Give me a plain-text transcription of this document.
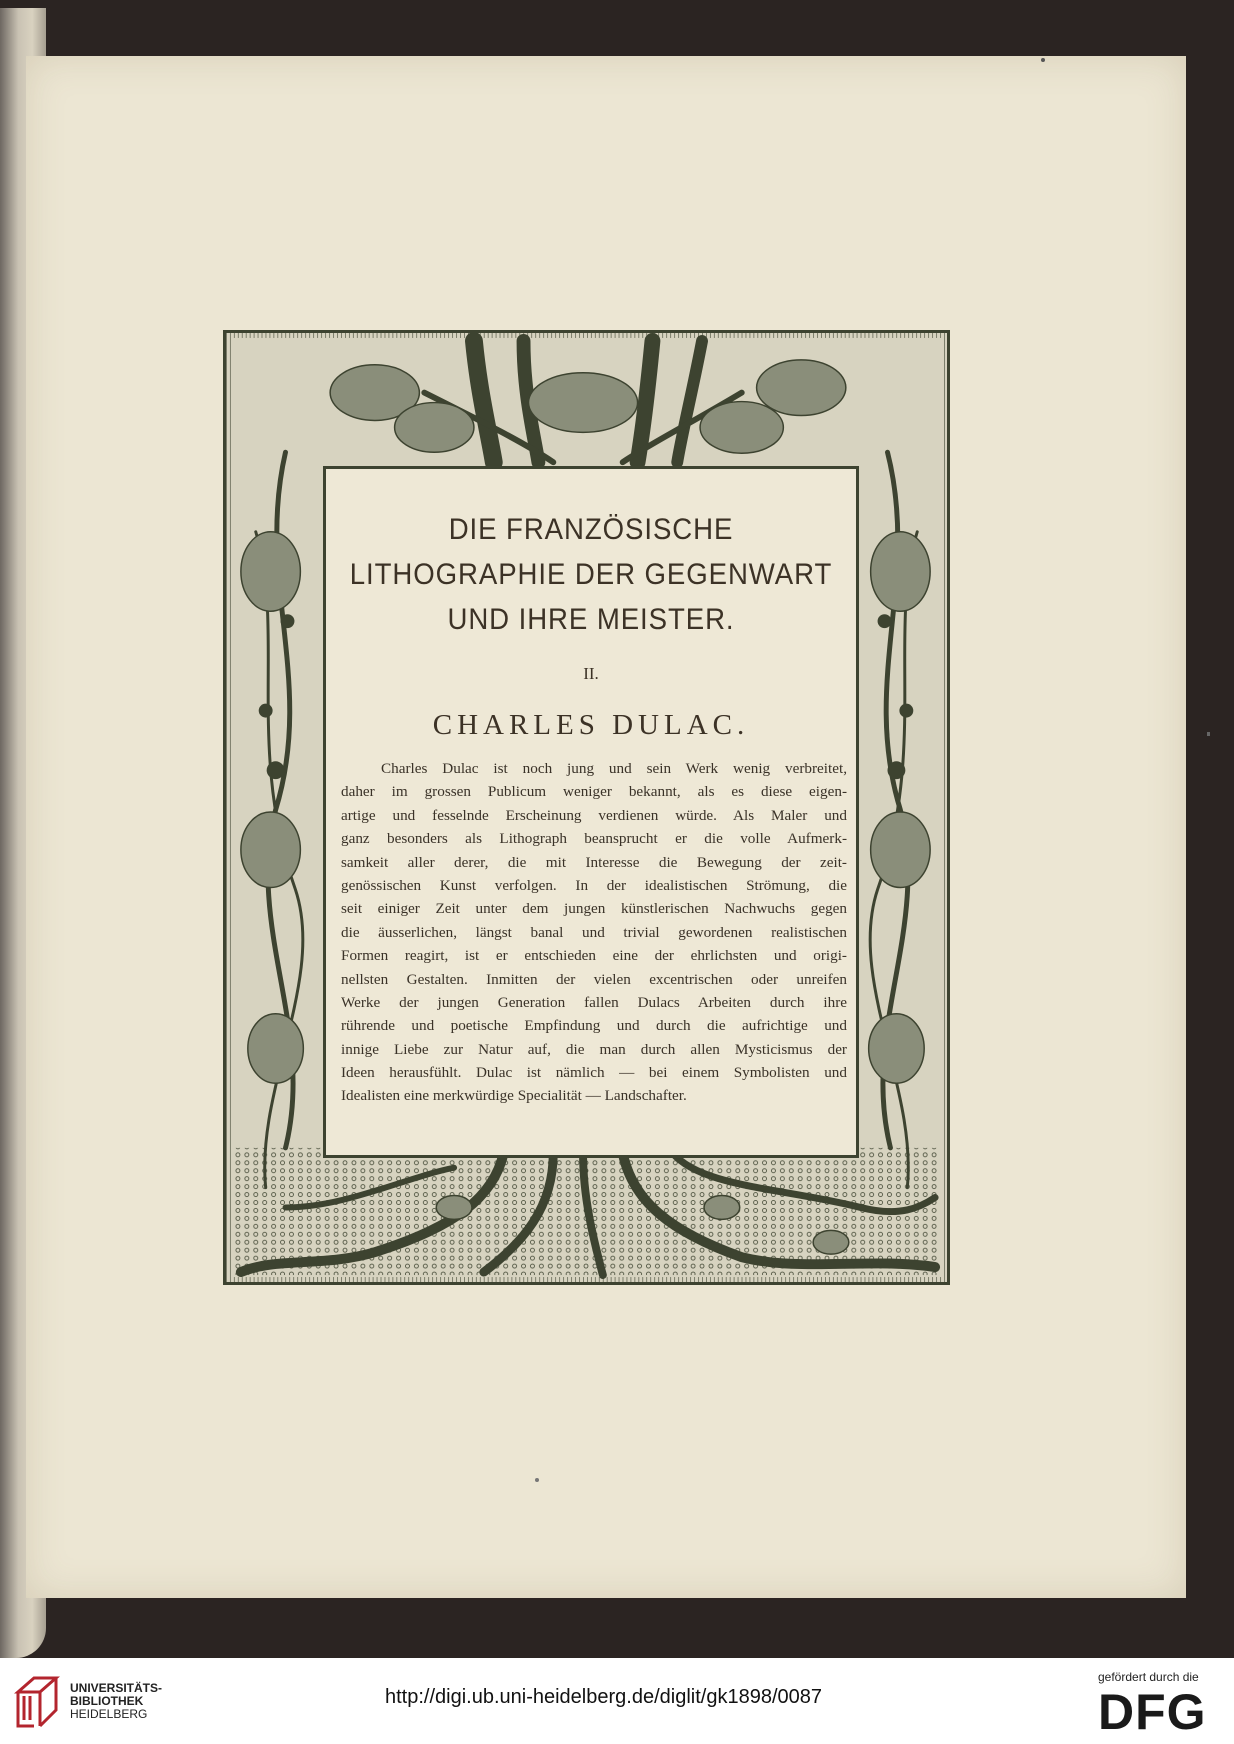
DIE FRANZÖSISCHE
LITHOGRAPHIE DER GEGENWART
UND IHRE MEISTER.
II.
CHARLES DULAC.
Charles Dulac ist noch jung und sein Werk wenig verbreitet,
daher im grossen Publicum weniger bekannt, als es diese eigen-
artige und fesselnde Erscheinung verdienen würde. Als Maler und
ganz besonders als Lithograph beansprucht er die volle Aufmerk-
samkeit aller derer, die mit Interesse die Bewegung der zeit-
genössischen Kunst verfolgen. In der idealistischen Strömung, die
seit einiger Zeit unter dem jungen künstlerischen Nachwuchs gegen
die äusserlichen, längst banal und trivial gewordenen realistischen
Formen reagirt, ist er entschieden eine der ehrlichsten und origi-
nellsten Gestalten. Inmitten der vielen excentrischen oder unreifen
Werke der jungen Generation fallen Dulacs Arbeiten durch ihre
rührende und poetische Empfindung und durch die aufrichtige und
innige Liebe zur Natur auf, die man durch allen Mysticismus der
Ideen herausfühlt. Dulac ist nämlich — bei einem Symbolisten und
Idealisten eine merkwürdige Specialität — Landschafter.
UNIVERSITÄTS-
BIBLIOTHEK
HEIDELBERG
http://digi.ub.uni-heidelberg.de/diglit/gk1898/0087
gefördert durch die
DFG
